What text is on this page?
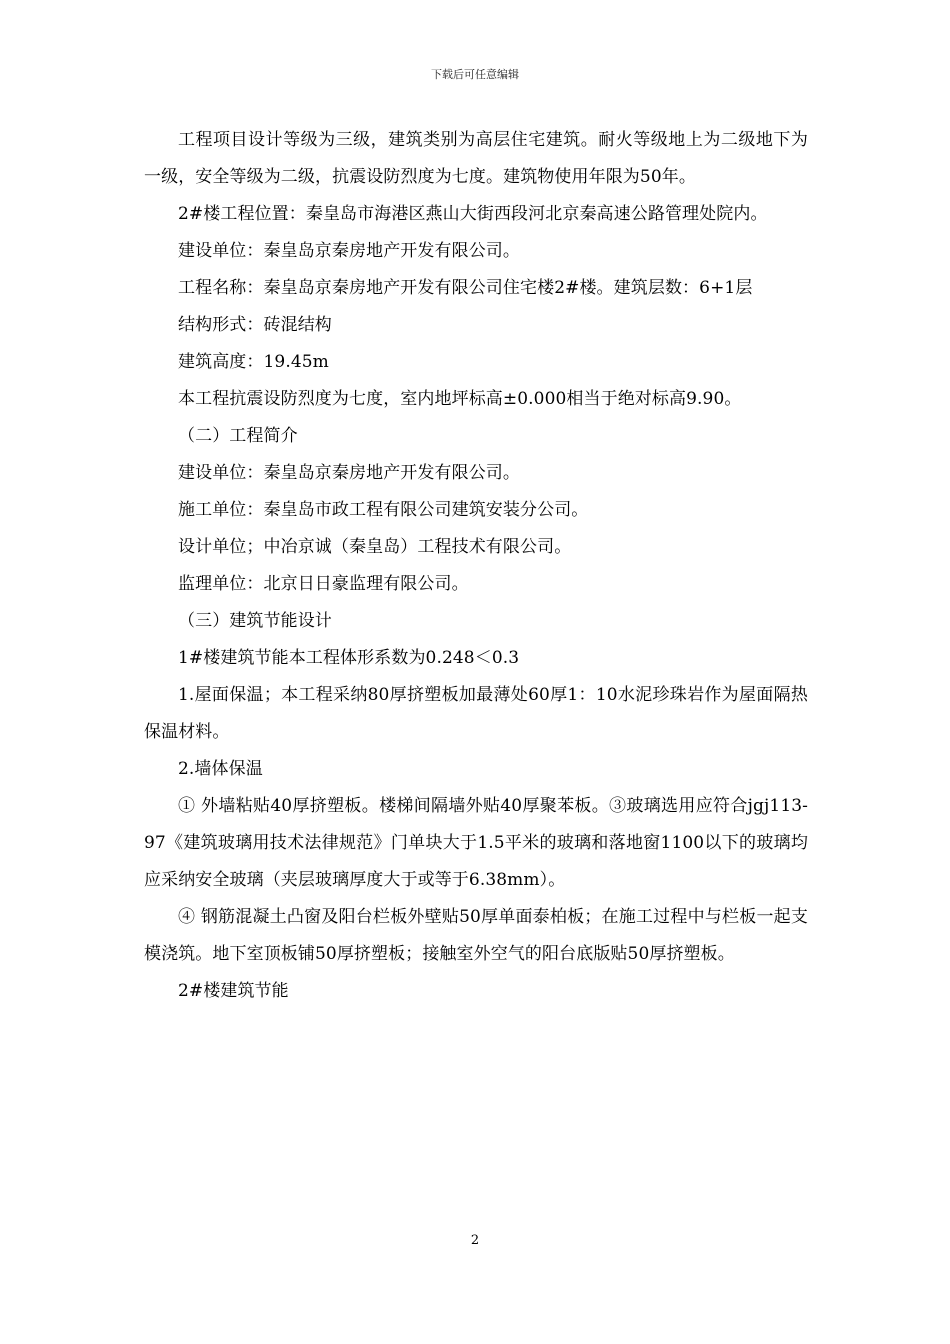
下载后可任意编辑

工程项目设计等级为三级，建筑类别为高层住宅建筑。耐火等级地上为二级地下为一级，安全等级为二级，抗震设防烈度为七度。建筑物使用年限为50年。

2#楼工程位置：秦皇岛市海港区燕山大街西段河北京秦高速公路管理处院内。

建设单位：秦皇岛京秦房地产开发有限公司。

工程名称：秦皇岛京秦房地产开发有限公司住宅楼2#楼。建筑层数：6+1层

结构形式：砖混结构

建筑高度：19.45m

本工程抗震设防烈度为七度，室内地坪标高±0.000相当于绝对标高9.90。

（二）工程简介

建设单位：秦皇岛京秦房地产开发有限公司。

施工单位：秦皇岛市政工程有限公司建筑安装分公司。

设计单位；中冶京诚（秦皇岛）工程技术有限公司。

监理单位：北京日日豪监理有限公司。

（三）建筑节能设计

1#楼建筑节能本工程体形系数为0.248＜0.3

1.屋面保温；本工程采纳80厚挤塑板加最薄处60厚1：10水泥珍珠岩作为屋面隔热保温材料。

2.墙体保温

① 外墙粘贴40厚挤塑板。楼梯间隔墙外贴40厚聚苯板。③玻璃选用应符合jgj113-97《建筑玻璃用技术法律规范》门单块大于1.5平米的玻璃和落地窗1100以下的玻璃均应采纳安全玻璃（夹层玻璃厚度大于或等于6.38mm）。

④ 钢筋混凝土凸窗及阳台栏板外壁贴50厚单面泰柏板；在施工过程中与栏板一起支模浇筑。地下室顶板铺50厚挤塑板；接触室外空气的阳台底版贴50厚挤塑板。

2#楼建筑节能

2
